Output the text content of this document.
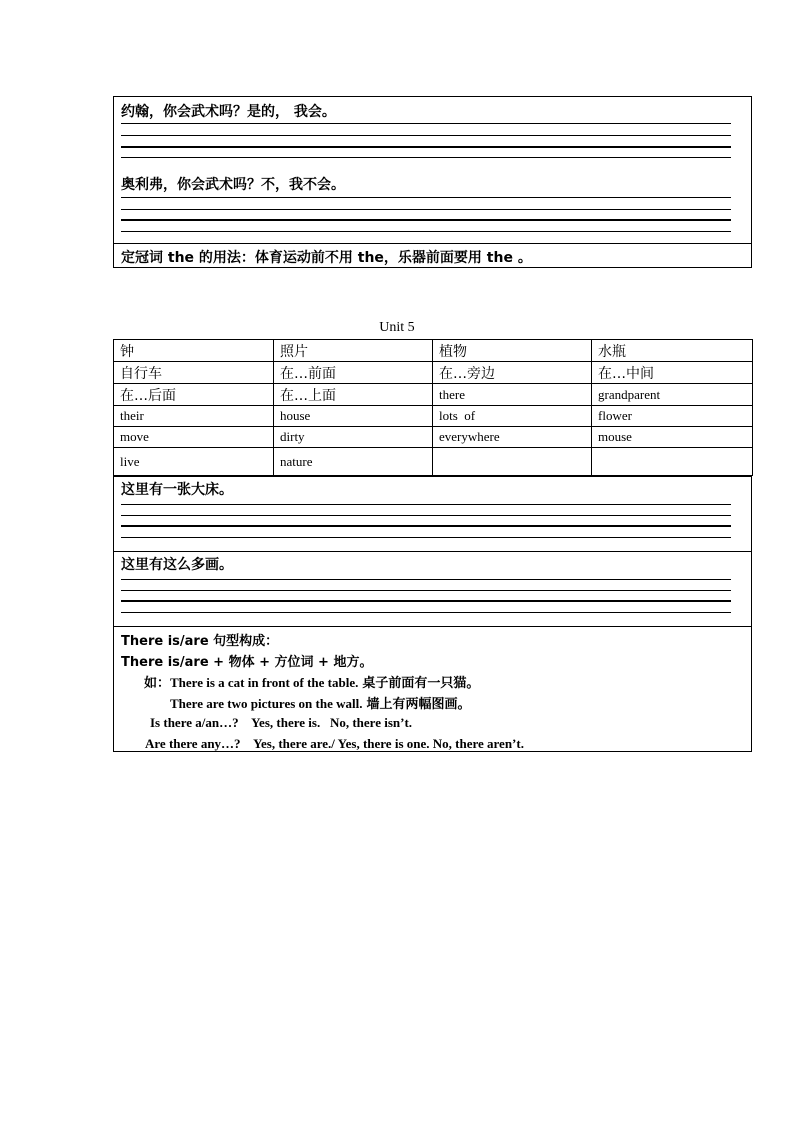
约翰，你会武术吗？是的， 我会。
奥利弗，你会武术吗？不，我不会。
定冠词 the 的用法：体育运动前不用 the，乐器前面要用 the 。
Unit 5
钟	照片	植物	水瓶
自行车	在…前面	在…旁边	在…中间
在…后面	在…上面	there	grandparent
their	house	lots  of	flower
move	dirty	everywhere	mouse
live	nature		
这里有一张大床。
这里有这么多画。
There is/are 句型构成：
There is/are + 物体 + 方位词 + 地方。
如：There is a cat in front of the table. 桌子前面有一只猫。
There are two pictures on the wall. 墙上有两幅图画。
Is there a/an…?    Yes, there is.   No, there isn’t.
Are there any…?    Yes, there are./ Yes, there is one. No, there aren’t.
